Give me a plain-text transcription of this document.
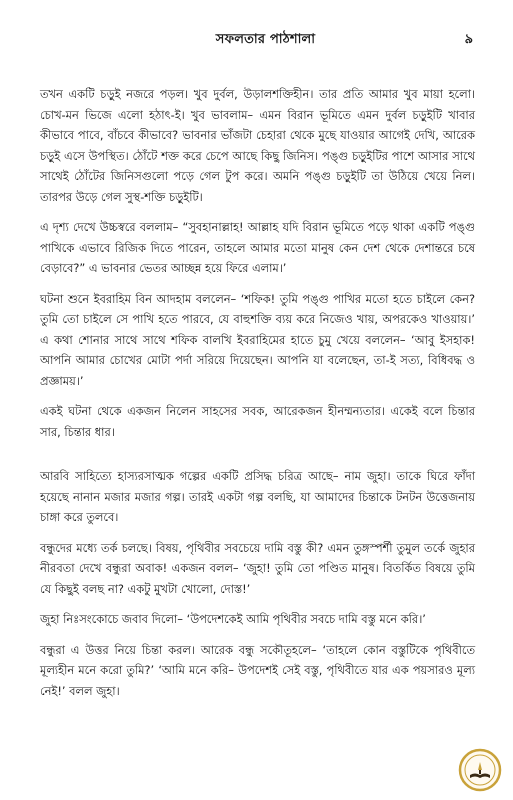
সফলতার পাঠশালা	৯

তখন একটি চড়ুই নজরে পড়ল। খুব দুর্বল, উড়ালশক্তিহীন। তার প্রতি আমার খুব মায়া হলো। চোখ-মন ভিজে এলো হঠাৎ-ই। খুব ভাবলাম– এমন বিরান ভূমিতে এমন দুর্বল চড়ুইটি খাবার কীভাবে পাবে, বাঁচবে কীভাবে? ভাবনার ভাঁজটা চেহারা থেকে মুছে যাওয়ার আগেই দেখি, আরেক চড়ুই এসে উপস্থিত। ঠোঁটে শক্ত করে চেপে আছে কিছু জিনিস। পঙ্গু চড়ুইটির পাশে আসার সাথে সাথেই ঠোঁটের জিনিসগুলো পড়ে গেল টুপ করে। অমনি পঙ্গু চড়ুইটি তা উঠিয়ে খেয়ে নিল। তারপর উড়ে গেল সুস্থ-শক্তি চড়ুইটি।

এ দৃশ্য দেখে উচ্চস্বরে বললাম– “সুবহানাল্লাহ! আল্লাহ যদি বিরান ভূমিতে পড়ে থাকা একটি পঙ্গু পাখিকে এভাবে রিজিক দিতে পারেন, তাহলে আমার মতো মানুষ কেন দেশ থেকে দেশান্তরে চষে বেড়াবে?” এ ভাবনার ভেতর আচ্ছন্ন হয়ে ফিরে এলাম।’

ঘটনা শুনে ইবরাহিম বিন আদহাম বললেন– ‘শফিক! তুমি পঙ্গু পাখির মতো হতে চাইলে কেন? তুমি তো চাইলে সে পাখি হতে পারবে, যে বাহুশক্তি ব্যয় করে নিজেও খায়, অপরকেও খাওয়ায়।’ এ কথা শোনার সাথে সাথে শফিক বালখি ইবরাহিমের হাতে চুমু খেয়ে বললেন– ‘আবু ইসহাক! আপনি আমার চোখের মোটা পর্দা সরিয়ে দিয়েছেন। আপনি যা বলেছেন, তা-ই সত্য, বিধিবদ্ধ ও প্রজ্ঞাময়।’

একই ঘটনা থেকে একজন নিলেন সাহসের সবক, আরেকজন হীনম্মন্যতার। একেই বলে চিন্তার সার, চিন্তার ধার।

আরবি সাহিত্যে হাস্যরসাত্মক গল্পের একটি প্রসিদ্ধ চরিত্র আছে– নাম জুহা। তাকে ঘিরে ফাঁদা হয়েছে নানান মজার মজার গল্প। তারই একটা গল্প বলছি, যা আমাদের চিন্তাকে টনটন উত্তেজনায় চাঙ্গা করে তুলবে।

বন্ধুদের মধ্যে তর্ক চলছে। বিষয়, পৃথিবীর সবচেয়ে দামি বস্তু কী? এমন তুঙ্গস্পর্শী তুমুল তর্কে জুহার নীরবতা দেখে বন্ধুরা অবাক! একজন বলল– ‘জুহা! তুমি তো পণ্ডিত মানুষ। বিতর্কিত বিষয়ে তুমি যে কিছুই বলছ না? একটু মুখটা খোলো, দোস্ত!’

জুহা নিঃসংকোচে জবাব দিলো– ‘উপদেশকেই আমি পৃথিবীর সবচে দামি বস্তু মনে করি।’

বন্ধুরা এ উত্তর নিয়ে চিন্তা করল। আরেক বন্ধু সকৌতূহলে– ‘তাহলে কোন বস্তুটিকে পৃথিবীতে মূল্যহীন মনে করো তুমি?’ ‘আমি মনে করি– উপদেশই সেই বস্তু, পৃথিবীতে যার এক পয়সারও মূল্য নেই!’ বলল জুহা।
